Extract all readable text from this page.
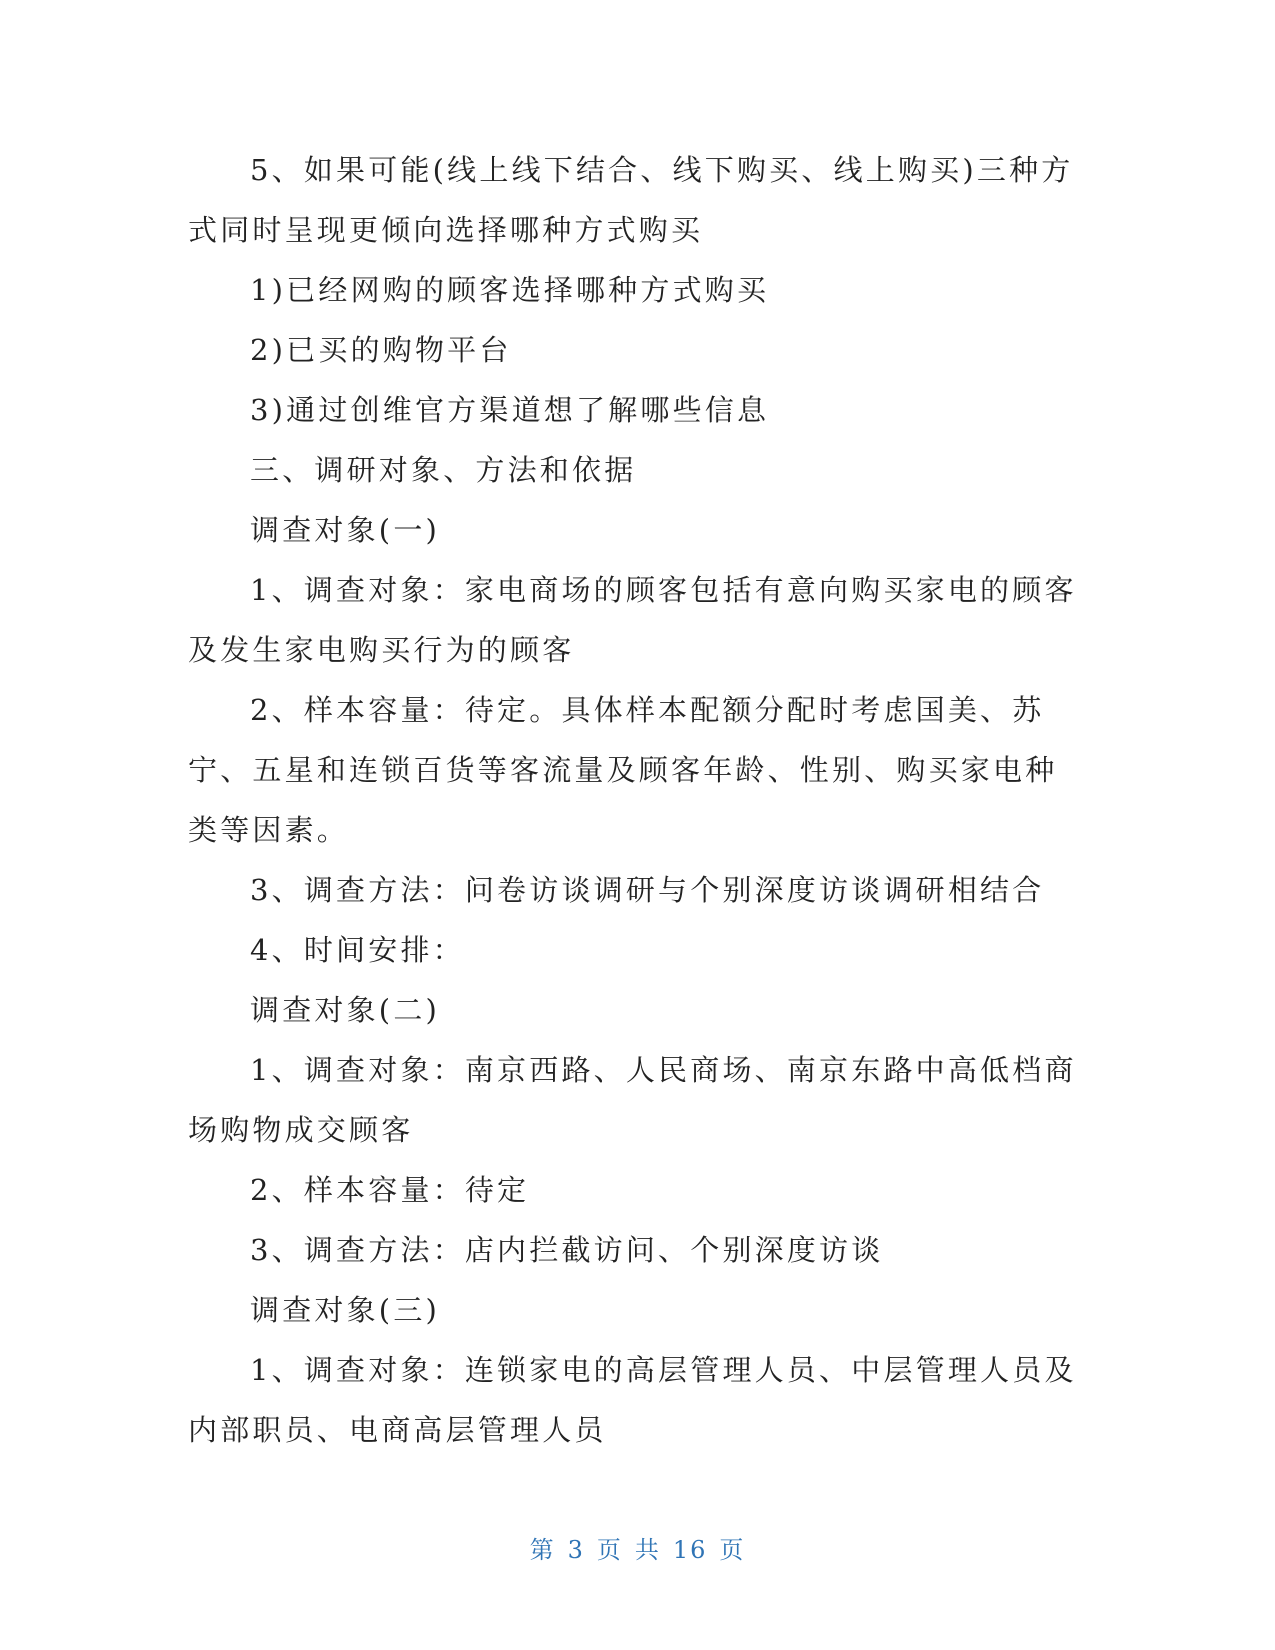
5、如果可能(线上线下结合、线下购买、线上购买)三种方式同时呈现更倾向选择哪种方式购买

1)已经网购的顾客选择哪种方式购买

2)已买的购物平台

3)通过创维官方渠道想了解哪些信息

三、调研对象、方法和依据

调查对象(一)

1、调查对象：家电商场的顾客包括有意向购买家电的顾客及发生家电购买行为的顾客

2、样本容量：待定。具体样本配额分配时考虑国美、苏宁、五星和连锁百货等客流量及顾客年龄、性别、购买家电种类等因素。

3、调查方法：问卷访谈调研与个别深度访谈调研相结合

4、时间安排：

调查对象(二)

1、调查对象：南京西路、人民商场、南京东路中高低档商场购物成交顾客

2、样本容量：待定

3、调查方法：店内拦截访问、个别深度访谈

调查对象(三)

1、调查对象：连锁家电的高层管理人员、中层管理人员及内部职员、电商高层管理人员

第 3 页 共 16 页
